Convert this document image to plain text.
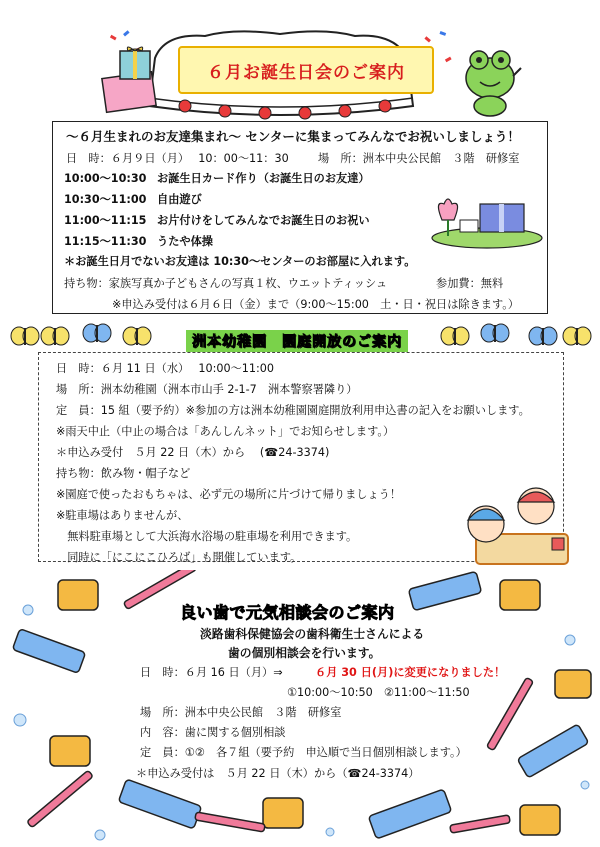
６月お誕生日会のご案内
～６月生まれのお友達集まれ～ センターに集まってみんなでお祝いしましょう！
日　時：６月９日（月）　 10：00～11：30	場　所：洲本中央公民館　３階　研修室
10:00～10:30 お誕生日カード作り（お誕生日のお友達）
10:30～11:00 自由遊び
11:00～11:15 お片付けをしてみんなでお誕生日のお祝い
11:15～11:30 うたや体操
＊お誕生日月でないお友達は 10:30～センターのお部屋に入れます。
持ち物：家族写真か子どもさんの写真１枚、ウエットティッシュ	参加費：無料
※申込み受付は６月６日（金）まで（9:00～15:00　土・日・祝日は除きます。）
洲本幼稚園　園庭開放のご案内
日　時：６月 11 日（水）　 10:00～11:00
場　所：洲本幼稚園（洲本市山手 2-1-7　洲本警察署隣り）
定　員：15 組（要予約）※参加の方は洲本幼稚園園庭開放利用申込書の記入をお願いします。
※雨天中止（中止の場合は「あんしんネット」でお知らせします。）
＊申込み受付　５月 22 日（木）から　 (☎24-3374)
持ち物：飲み物・帽子など
※園庭で使ったおもちゃは、必ず元の場所に片づけて帰りましょう！
※駐車場はありませんが、
　無料駐車場として大浜海水浴場の駐車場を利用できます。
　同時に「にこにこひろば」も開催しています。
良い歯で元気相談会のご案内
淡路歯科保健協会の歯科衛生士さんによる
歯の個別相談会を行います。
日　時：６月 16 日（月）⇒	６月 30 日(月)に変更になりました！
①10:00～10:50　②11:00～11:50
場　所：洲本中央公民館　３階　研修室
内　容：歯に関する個別相談
定　員：①②　各７組（要予約　申込順で当日個別相談します。）
＊申込み受付は　５月 22 日（木）から（☎24-3374）
